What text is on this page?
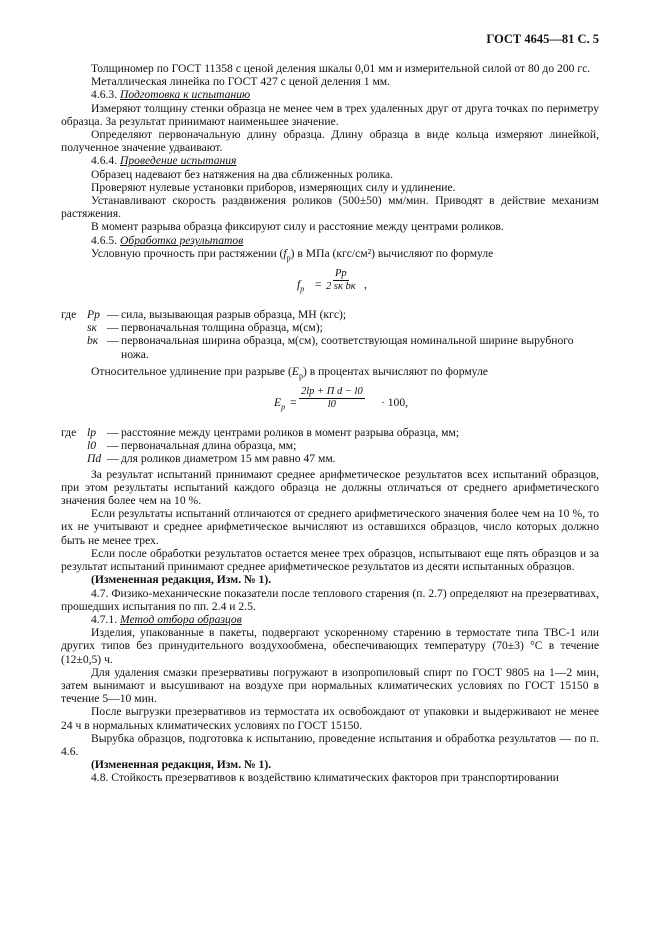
ГОСТ 4645—81 С. 5

Толщиномер по ГОСТ 11358 с ценой деления шкалы 0,01 мм и измерительной силой от 80 до 200 гс.

Металлическая линейка по ГОСТ 427 с ценой деления 1 мм.

4.6.3. Подготовка к испытанию

Измеряют толщину стенки образца не менее чем в трех удаленных друг от друга точках по периметру образца. За результат принимают наименьшее значение.

Определяют первоначальную длину образца. Длину образца в виде кольца измеряют линейкой, полученное значение удваивают.

4.6.4. Проведение испытания

Образец надевают без натяжения на два сближенных ролика.

Проверяют нулевые установки приборов, измеряющих силу и удлинение.

Устанавливают скорость раздвижения роликов (500±50) мм/мин. Приводят в действие механизм растяжения.

В момент разрыва образца фиксируют силу и расстояние между центрами роликов.

4.6.5. Обработка результатов

Условную прочность при растяжении $(f_р)$ в МПа (кгс/см²) вычисляют по формуле

$f_р$ =
Pр
2 sк bк ,
где	Pр	—	сила, вызывающая разрыв образца, МН (кгс);
	sк	—	первоначальная толщина образца, м(см);
	bк	—	первоначальная ширина образца, м(см), соответствующая номинальной ширине вырубного ножа.

Относительное удлинение при разрыве $(E_р)$ в процентах вычисляют по формуле

$E_р$ =
2lр + П d − l0
l0	· 100,
где	lр	—	расстояние между центрами роликов в момент разрыва образца, мм;
	l0	—	первоначальная длина образца, мм;
	Пd	—	для роликов диаметром 15 мм равно 47 мм.

За результат испытаний принимают среднее арифметическое результатов всех испытаний образцов, при этом результаты испытаний каждого образца не должны отличаться от среднего арифметического значения более чем на 10 %.

Если результаты испытаний отличаются от среднего арифметического значения более чем на 10 %, то их не учитывают и среднее арифметическое вычисляют из оставшихся образцов, число которых должно быть не менее трех.

Если после обработки результатов остается менее трех образцов, испытывают еще пять образцов и за результат испытаний принимают среднее арифметическое результатов из десяти испытанных образцов.

(Измененная редакция, Изм. № 1).

4.7. Физико-механические показатели после теплового старения (п. 2.7) определяют на презервативах, прошедших испытания по пп. 2.4 и 2.5.

4.7.1. Метод отбора образцов

Изделия, упакованные в пакеты, подвергают ускоренному старению в термостате типа ТВС-1 или других типов без принудительного воздухообмена, обеспечивающих температуру (70±3) °С в течение (12±0,5) ч.

Для удаления смазки презервативы погружают в изопропиловый спирт по ГОСТ 9805 на 1—2 мин, затем вынимают и высушивают на воздухе при нормальных климатических условиях по ГОСТ 15150 в течение 5—10 мин.

После выгрузки презервативов из термостата их освобождают от упаковки и выдерживают не менее 24 ч в нормальных климатических условиях по ГОСТ 15150.

Вырубка образцов, подготовка к испытанию, проведение испытания и обработка результатов — по п. 4.6.

(Измененная редакция, Изм. № 1).

4.8. Стойкость презервативов к воздействию климатических факторов при транспортировании
